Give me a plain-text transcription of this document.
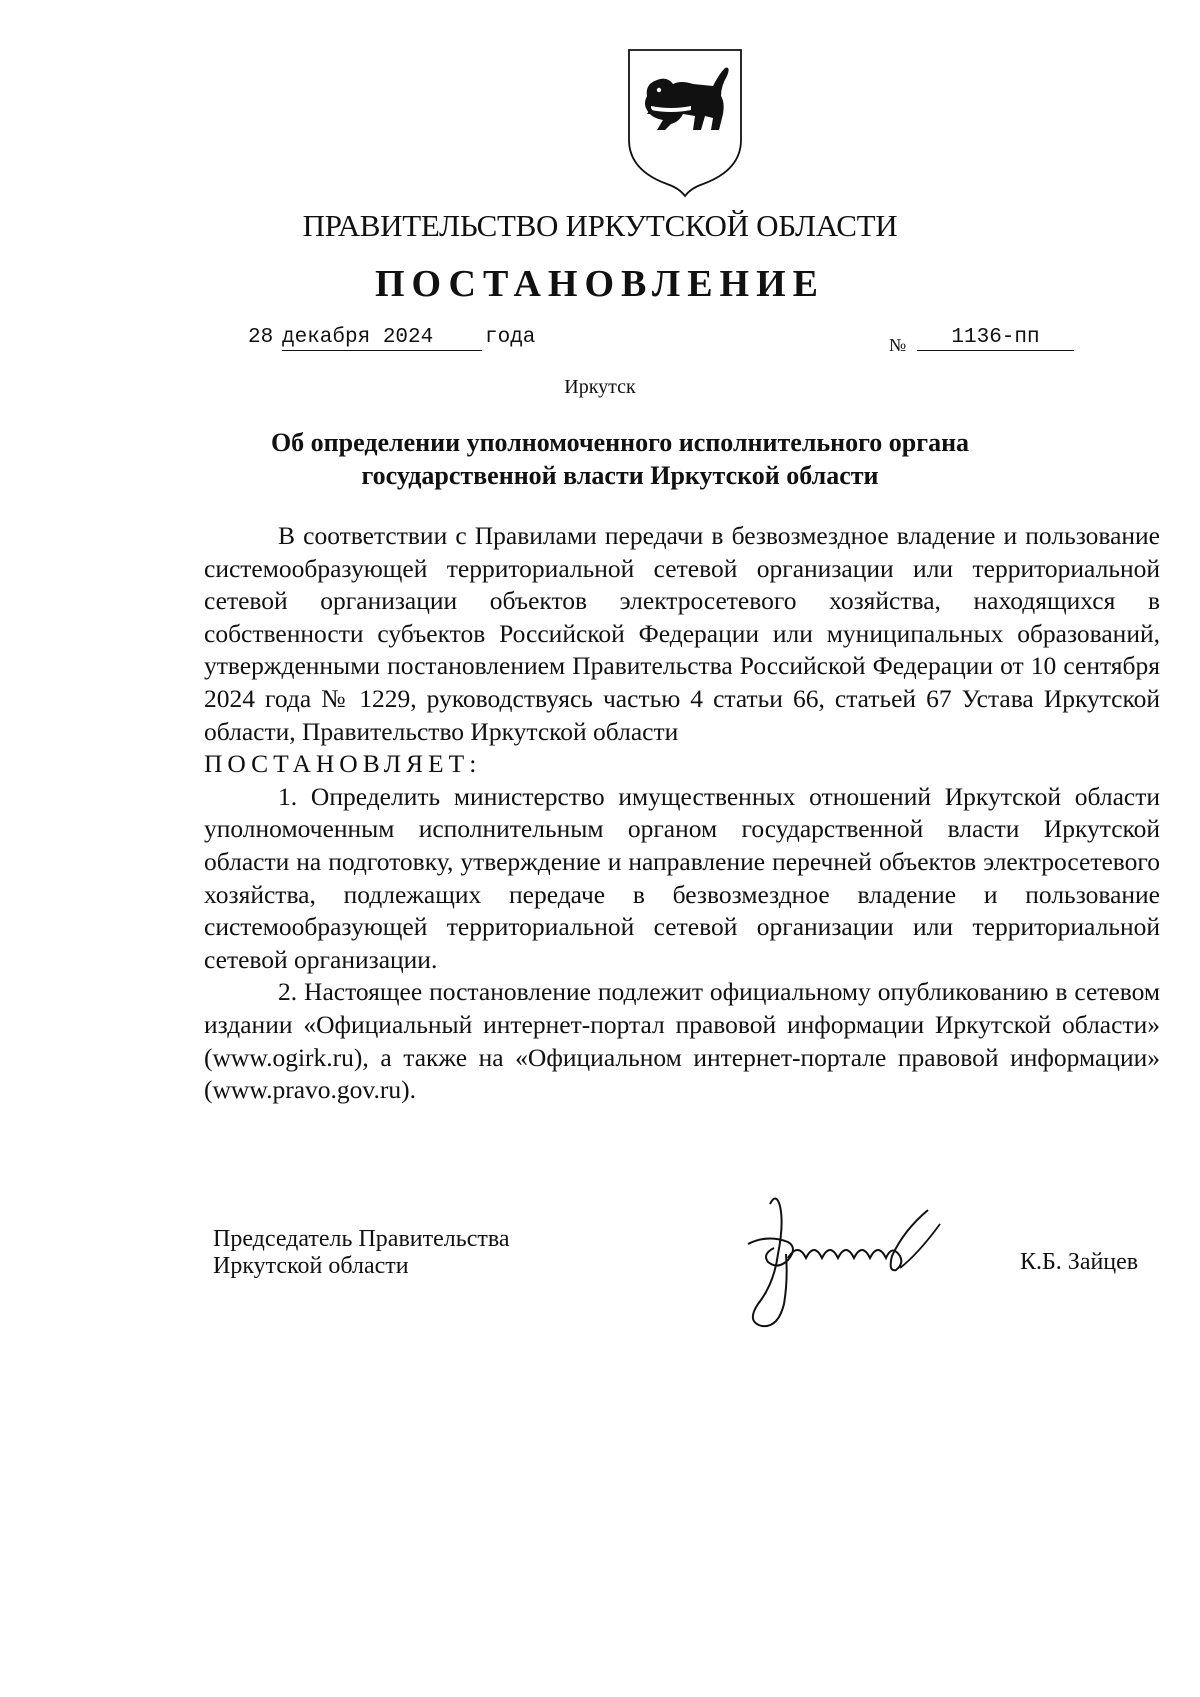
ПРАВИТЕЛЬСТВО ИРКУТСКОЙ ОБЛАСТИ
ПОСТАНОВЛЕНИЕ
28 декабря 2024	года	№	1136-пп
Иркутск
Об определении уполномоченного исполнительного органа
государственной власти Иркутской области

В соответствии с Правилами передачи в безвозмездное владение и пользование системообразующей территориальной сетевой организации или территориальной сетевой организации объектов электросетевого хозяйства, находящихся в собственности субъектов Российской Федерации или муниципальных образований, утвержденными постановлением Правительства Российской Федерации от 10 сентября 2024 года № 1229, руководствуясь частью 4 статьи 66, статьей 67 Устава Иркутской области, Правительство Иркутской области

ПОСТАНОВЛЯЕТ:

1. Определить министерство имущественных отношений Иркутской области уполномоченным исполнительным органом государственной власти Иркутской области на подготовку, утверждение и направление перечней объектов электросетевого хозяйства, подлежащих передаче в безвозмездное владение и пользование системообразующей территориальной сетевой организации или территориальной сетевой организации.

2. Настоящее постановление подлежит официальному опубликованию в сетевом издании «Официальный интернет-портал правовой информации Иркутской области» (www.ogirk.ru), а также на «Официальном интернет-портале правовой информации» (www.pravo.gov.ru).

Председатель Правительства
Иркутской области	К.Б. Зайцев
